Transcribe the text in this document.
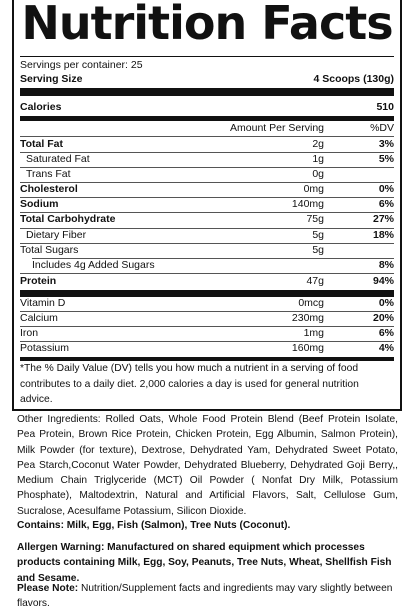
Nutrition Facts
Servings per container: 25
Serving Size	4 Scoops (130g)
Calories	510
Amount Per Serving	%DV
Total Fat	2g	3%
Saturated Fat	1g	5%
Trans Fat	0g
Cholesterol	0mg	0%
Sodium	140mg	6%
Total Carbohydrate	75g	27%
Dietary Fiber	5g	18%
Total Sugars	5g
Includes 4g Added Sugars	8%
Protein	47g	94%
Vitamin D	0mcg	0%
Calcium	230mg	20%
Iron	1mg	6%
Potassium	160mg	4%
*The % Daily Value (DV) tells you how much a nutrient in a serving of food contributes to a daily diet. 2,000 calories a day is used for general nutrition advice.
Other Ingredients: Rolled Oats, Whole Food Protein Blend (Beef Protein Isolate, Pea Protein, Brown Rice Protein, Chicken Protein, Egg Albumin, Salmon Protein), Milk Powder (for texture), Dextrose, Dehydrated Yam, Dehydrated Sweet Potato, Pea Starch,Coconut Water Powder, Dehydrated Blueberry, Dehydrated Goji Berry,, Medium Chain Triglyceride (MCT) Oil Powder ( Nonfat Dry Milk, Potassium Phosphate), Maltodextrin, Natural and Artificial Flavors, Salt, Cellulose Gum, Sucralose, Acesulfame Potassium, Silicon Dioxide.
Contains: Milk, Egg, Fish (Salmon), Tree Nuts (Coconut).
Allergen Warning: Manufactured on shared equipment which processes products containing Milk, Egg, Soy, Peanuts, Tree Nuts, Wheat, Shellfish Fish and Sesame.
Please Note: Nutrition/Supplement facts and ingredients may vary slightly between flavors.
